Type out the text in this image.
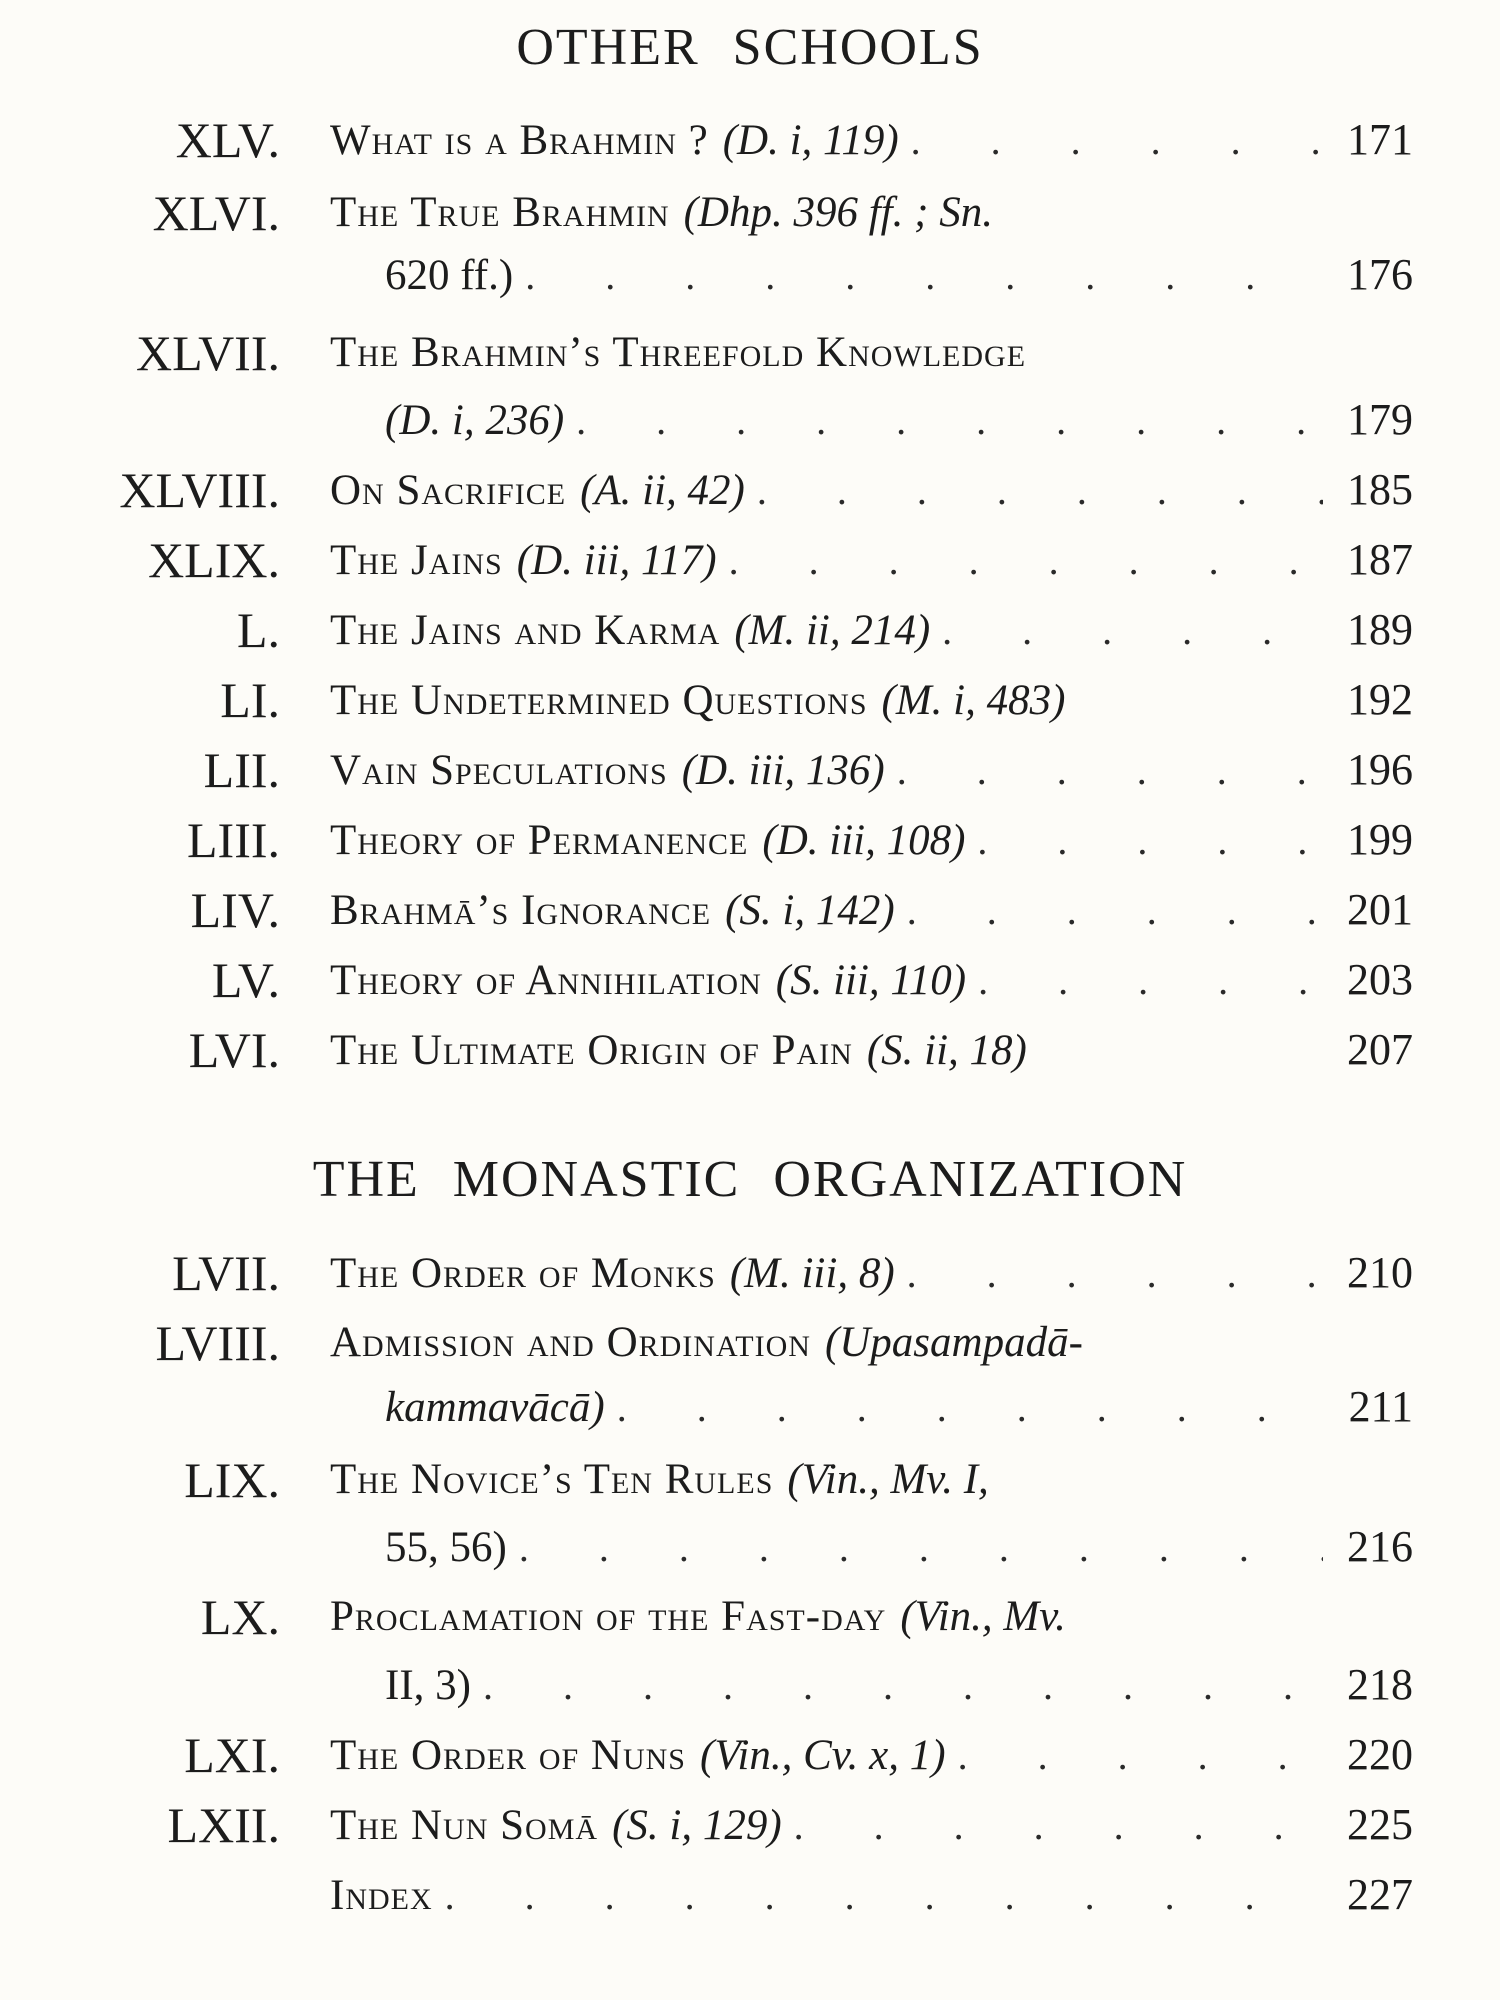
OTHER SCHOOLS
XLV. What is a Brahmin ? (D. i, 119) . . .	171
XLVI. The True Brahmin (Dhp. 396 ff. ; Sn.
620 ff.) . . .	176
XLVII. The Brahmin’s Threefold Knowledge
(D. i, 236) . . .	179
XLVIII. On Sacrifice (A. ii, 42) . . .	185
XLIX. The Jains (D. iii, 117) . . .	187
L. The Jains and Karma (M. ii, 214) . . .	189
LI. The Undetermined Questions (M. i, 483)	192
LII. Vain Speculations (D. iii, 136) . . .	196
LIII. Theory of Permanence (D. iii, 108) . . .	199
LIV. Brahmā’s Ignorance (S. i, 142) . . .	201
LV. Theory of Annihilation (S. iii, 110) . . .	203
LVI. The Ultimate Origin of Pain (S. ii, 18)	207
THE MONASTIC ORGANIZATION
LVII. The Order of Monks (M. iii, 8) . . .	210
LVIII. Admission and Ordination (Upasampadā-
kammavācā) . . .	211
LIX. The Novice’s Ten Rules (Vin., Mv. I,
55, 56) . . .	216
LX. Proclamation of the Fast-day (Vin., Mv.
II, 3) . . .	218
LXI. The Order of Nuns (Vin., Cv. x, 1) . . .	220
LXII. The Nun Somā (S. i, 129) . . .	225
Index . . .	227
